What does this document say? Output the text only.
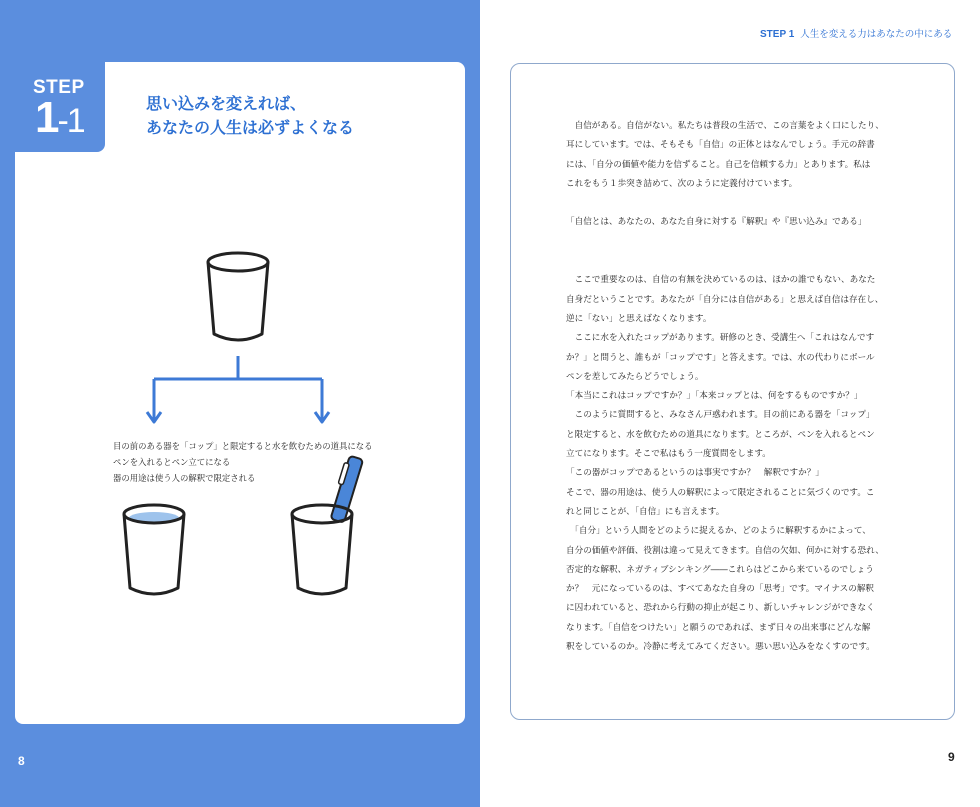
STEP
1-1	思い込みを変えれば、
あなたの人生は必ずよくなる
目の前のある器を「コップ」と限定すると水を飲むための道具になる
ペンを入れるとペン立てになる
器の用途は使う人の解釈で限定される
8
STEP 1 人生を変える力はあなたの中にある

　自信がある。自信がない。私たちは普段の生活で、この言葉をよく口にしたり、

耳にしています。では、そもそも「自信」の正体とはなんでしょう。手元の辞書

には、「自分の価値や能力を信ずること。自己を信頼する力」とあります。私は

これをもう１歩突き詰めて、次のように定義付けています。

「自信とは、あなたの、あなた自身に対する『解釈』や『思い込み』である」

　ここで重要なのは、自信の有無を決めているのは、ほかの誰でもない、あなた

自身だということです。あなたが「自分には自信がある」と思えば自信は存在し、

逆に「ない」と思えばなくなります。

　ここに水を入れたコップがあります。研修のとき、受講生へ「これはなんです

か？」と問うと、誰もが「コップです」と答えます。では、水の代わりにボール

ペンを差してみたらどうでしょう。

「本当にこれはコップですか？」「本来コップとは、何をするものですか？」

　このように質問すると、みなさん戸惑われます。目の前にある器を「コップ」

と限定すると、水を飲むための道具になります。ところが、ペンを入れるとペン

立てになります。そこで私はもう一度質問をします。

「この器がコップであるというのは事実ですか？　解釈ですか？」

そこで、器の用途は、使う人の解釈によって限定されることに気づくのです。こ

れと同じことが、「自信」にも言えます。

　「自分」という人間をどのように捉えるか、どのように解釈するかによって、

自分の価値や評価、役割は違って見えてきます。自信の欠如、何かに対する恐れ、

否定的な解釈、ネガティブシンキング――これらはどこから来ているのでしょう

か？　元になっているのは、すべてあなた自身の「思考」です。マイナスの解釈

に囚われていると、恐れから行動の抑止が起こり、新しいチャレンジができなく

なります。「自信をつけたい」と願うのであれば、まず日々の出来事にどんな解

釈をしているのか。冷静に考えてみてください。悪い思い込みをなくすのです。

9
